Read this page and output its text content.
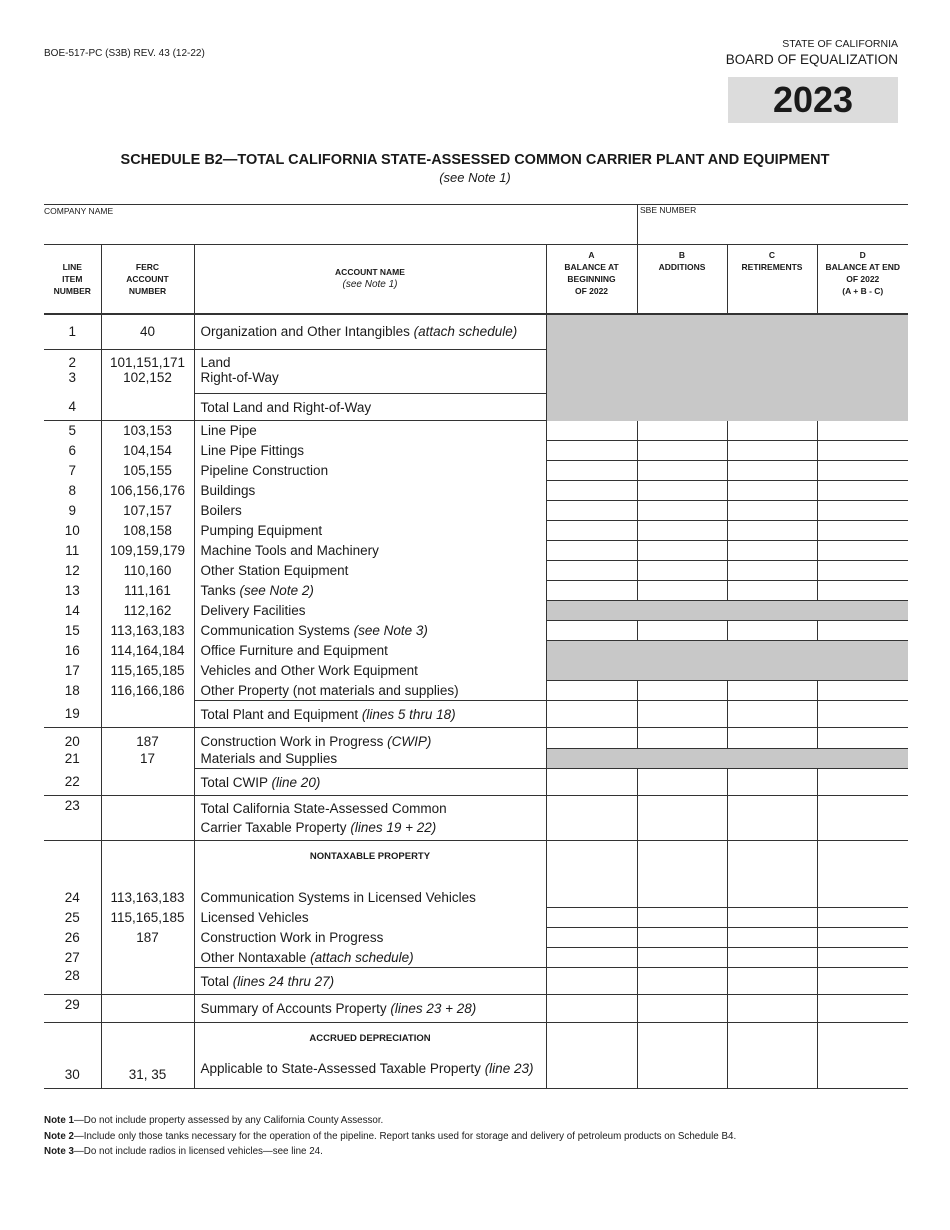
BOE-517-PC (S3B) REV. 43 (12-22)
STATE OF CALIFORNIA
BOARD OF EQUALIZATION
2023
SCHEDULE B2—TOTAL CALIFORNIA STATE-ASSESSED COMMON CARRIER PLANT AND EQUIPMENT
(see Note 1)
COMPANY NAME	SBE NUMBER
LINE
ITEM
NUMBER	FERC
ACCOUNT
NUMBER	ACCOUNT NAME
(see Note 1)	A
BALANCE AT
BEGINNING
OF 2022	B
ADDITIONS	C
RETIREMENTS	D
BALANCE AT END
OF 2022
(A + B - C)
1	40	Organization and Other Intangibles (attach schedule)				
2	101,151,171	Land				
3	102,152	Right-of-Way				
4		Total Land and Right-of-Way				
5	103,153	Line Pipe				
6	104,154	Line Pipe Fittings				
7	105,155	Pipeline Construction				
8	106,156,176	Buildings				
9	107,157	Boilers				
10	108,158	Pumping Equipment				
11	109,159,179	Machine Tools and Machinery				
12	110,160	Other Station Equipment				
13	111,161	Tanks (see Note 2)				
14	112,162	Delivery Facilities				
15	113,163,183	Communication Systems (see Note 3)				
16	114,164,184	Office Furniture and Equipment				
17	115,165,185	Vehicles and Other Work Equipment				
18	116,166,186	Other Property (not materials and supplies)				
19		Total Plant and Equipment (lines 5 thru 18)				
20	187	Construction Work in Progress (CWIP)				
21	17	Materials and Supplies				
22		Total CWIP (line 20)				
23		Total California State-Assessed Common
Carrier Taxable Property (lines 19 + 22)				
		NONTAXABLE PROPERTY				
24	113,163,183	Communication Systems in Licensed Vehicles				
25	115,165,185	Licensed Vehicles				
26	187	Construction Work in Progress				
27		Other Nontaxable (attach schedule)				
28		Total (lines 24 thru 27)				
29		Summary of Accounts Property (lines 23 + 28)				
		ACCRUED DEPRECIATION				
30	31, 35	Applicable to State-Assessed Taxable Property (line 23)				
Note 1—Do not include property assessed by any California County Assessor.
Note 2—Include only those tanks necessary for the operation of the pipeline. Report tanks used for storage and delivery of petroleum products on Schedule B4.
Note 3—Do not include radios in licensed vehicles—see line 24.
